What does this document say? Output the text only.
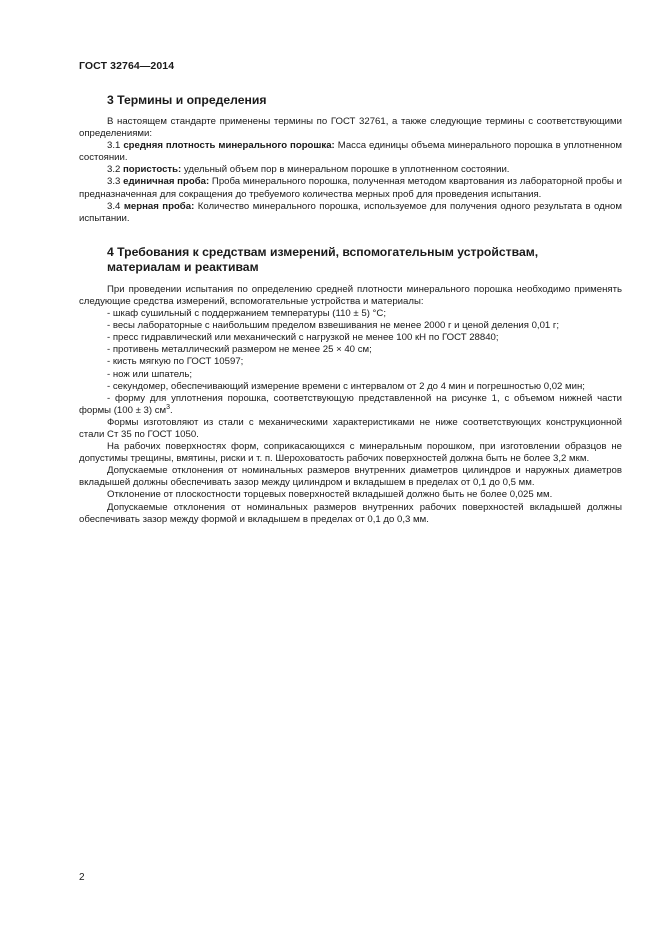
ГОСТ 32764—2014
3 Термины и определения

В настоящем стандарте применены термины по ГОСТ 32761, а также следующие термины с соответствующими определениями:

3.1 средняя плотность минерального порошка: Масса единицы объема минерального порошка в уплотненном состоянии.

3.2 пористость: удельный объем пор в минеральном порошке в уплотненном состоянии.

3.3 единичная проба: Проба минерального порошка, полученная методом квартования из лабораторной пробы и предназначенная для сокращения до требуемого количества мерных проб для проведения испытания.

3.4 мерная проба: Количество минерального порошка, используемое для получения одного результата в одном испытании.

4 Требования к средствам измерений, вспомогательным устройствам,
материалам и реактивам

При проведении испытания по определению средней плотности минерального порошка необходимо применять следующие средства измерений, вспомогательные устройства и материалы:

- шкаф сушильный с поддержанием температуры (110 ± 5) °С;

- весы лабораторные с наибольшим пределом взвешивания не менее 2000 г и ценой деления 0,01 г;

- пресс гидравлический или механический с нагрузкой не менее 100 кН по ГОСТ 28840;

- противень металлический размером не менее 25 × 40 см;

- кисть мягкую по ГОСТ 10597;

- нож или шпатель;

- секундомер, обеспечивающий измерение времени с интервалом от 2 до 4 мин и погрешностью 0,02 мин;

- форму для уплотнения порошка, соответствующую представленной на рисунке 1, с объемом нижней части формы (100 ± 3) $см^3$.

Формы изготовляют из стали с механическими характеристиками не ниже соответствующих конструкционной стали Ст 35 по ГОСТ 1050.

На рабочих поверхностях форм, соприкасающихся с минеральным порошком, при изготовлении образцов не допустимы трещины, вмятины, риски и т. п. Шероховатость рабочих поверхностей должна быть не более 3,2 мкм.

Допускаемые отклонения от номинальных размеров внутренних диаметров цилиндров и наружных диаметров вкладышей должны обеспечивать зазор между цилиндром и вкладышем в пределах от 0,1 до 0,5 мм.

Отклонение от плоскостности торцевых поверхностей вкладышей должно быть не более 0,025 мм.

Допускаемые отклонения от номинальных размеров внутренних рабочих поверхностей вкладышей должны обеспечивать зазор между формой и вкладышем в пределах от 0,1 до 0,3 мм.

2
